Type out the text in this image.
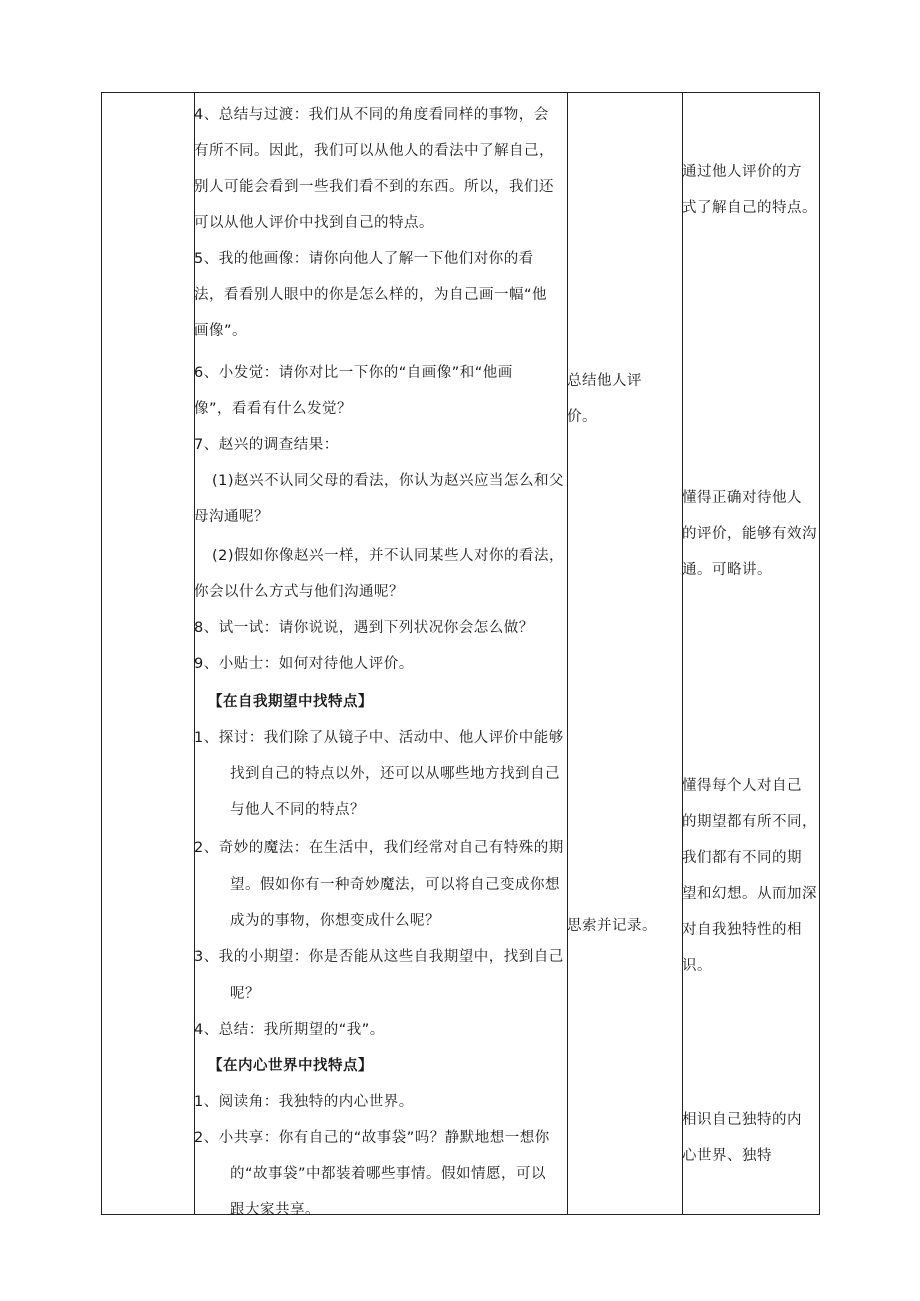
4、总结与过渡：我们从不同的角度看同样的事物，会
有所不同。因此，我们可以从他人的看法中了解自己，
别人可能会看到一些我们看不到的东西。所以，我们还
可以从他人评价中找到自己的特点。
5、我的他画像：请你向他人了解一下他们对你的看
法，看看别人眼中的你是怎么样的，为自己画一幅“他
画像”。
6、小发觉：请你对比一下你的“自画像”和“他画
像”，看看有什么发觉？
7、赵兴的调查结果：
(1)赵兴不认同父母的看法，你认为赵兴应当怎么和父
母沟通呢？
(2)假如你像赵兴一样，并不认同某些人对你的看法，
你会以什么方式与他们沟通呢？
8、试一试：请你说说，遇到下列状况你会怎么做？
9、小贴士：如何对待他人评价。
【在自我期望中找特点】
1、探讨：我们除了从镜子中、活动中、他人评价中能够
找到自己的特点以外，还可以从哪些地方找到自己
与他人不同的特点？
2、奇妙的魔法：在生活中，我们经常对自己有特殊的期
望。假如你有一种奇妙魔法，可以将自己变成你想
成为的事物，你想变成什么呢？
3、我的小期望：你是否能从这些自我期望中，找到自己
呢？
4、总结：我所期望的“我”。
【在内心世界中找特点】
1、阅读角：我独特的内心世界。
2、小共享：你有自己的“故事袋”吗？静默地想一想你
的“故事袋”中都装着哪些事情。假如情愿，可以
跟大家共享。
总结他人评
价。
思索并记录。
通过他人评价的方
式了解自己的特点。
懂得正确对待他人
的评价，能够有效沟
通。可略讲。
懂得每个人对自己
的期望都有所不同，
我们都有不同的期
望和幻想。从而加深
对自我独特性的相
识。
相识自己独特的内
心世界、独特
